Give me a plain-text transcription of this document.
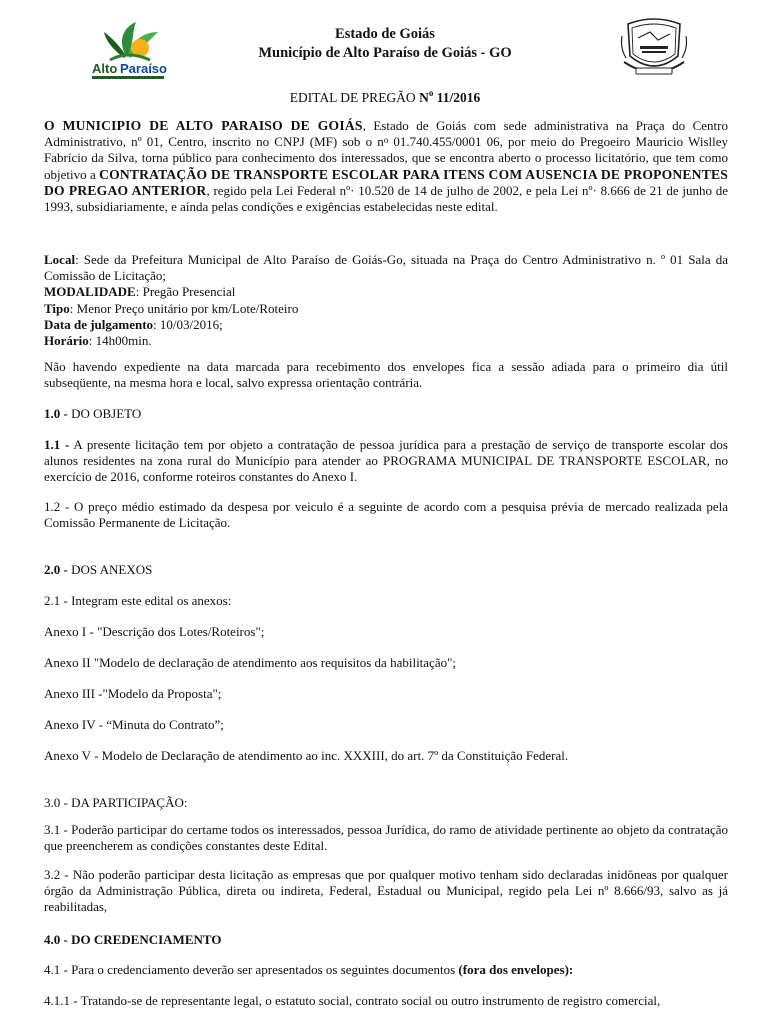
Alto Paraíso
Estado de Goiás
Município de Alto Paraíso de Goiás - GO
EDITAL DE PREGÃO $N^o$ 11/2016

O MUNICIPIO DE ALTO PARAISO DE GOIÁS, Estado de Goiás com sede administrativa na Praça do Centro Administrativo, nº 01, Centro, inscrito no CNPJ (MF) sob o $n^o$ 01.740.455/0001 06, por meio do Pregoeiro Mauricio Wislley Fabrício da Silva, torna público para conhecimento dos interessados, que se encontra aberto o processo licitatório, que tem como objetivo a CONTRATAÇÃO DE TRANSPORTE ESCOLAR PARA ITENS COM AUSENCIA DE PROPONENTES DO PREGAO ANTERIOR, regido pela Lei Federal nº· 10.520 de 14 de julho de 2002, e pela Lei nº· 8.666 de 21 de junho de 1993, subsidiariamente, e ainda pelas condições e exigências estabelecidas neste edital.

Local: Sede da Prefeitura Municipal de Alto Paraíso de Goiás-Go, situada na Praça do Centro Administrativo n. º 01 Sala da Comissão de Licitação;

MODALIDADE: Pregão Presencial

Tipo: Menor Preço unitário por km/Lote/Roteiro

Data de julgamento: 10/03/2016;

Horário: 14h00min.

Não havendo expediente na data marcada para recebimento dos envelopes fica a sessão adiada para o primeiro dia útil subseqüente, na mesma hora e local, salvo expressa orientação contrária.

1.0 - DO OBJETO

1.1 - A presente licitação tem por objeto a contratação de pessoa jurídica para a prestação de serviço de transporte escolar dos alunos residentes na zona rural do Município para atender ao PROGRAMA MUNICIPAL DE TRANSPORTE ESCOLAR, no exercício de 2016, conforme roteiros constantes do Anexo I.

1.2 - O preço médio estimado da despesa por veiculo é a seguinte de acordo com a pesquisa prévia de mercado realizada pela Comissão Permanente de Licitação.

2.0 - DOS ANEXOS
2.1 - Integram este edital os anexos:
Anexo I - "Descrição dos Lotes/Roteiros";
Anexo II "Modelo de declaração de atendimento aos requisitos da habilitação";
Anexo III -"Modelo da Proposta";
Anexo IV - “Minuta do Contrato”;
Anexo V - Modelo de Declaração de atendimento ao inc. XXXIII, do art. 7º da Constituição Federal.
3.0 - DA PARTICIPAÇÃO:

3.1 - Poderão participar do certame todos os interessados, pessoa Jurídica, do ramo de atividade pertinente ao objeto da contratação que preencherem as condições constantes deste Edital.

3.2 - Não poderão participar desta licitação as empresas que por qualquer motivo tenham sido declaradas inidôneas por qualquer órgão da Administração Pública, direta ou indireta, Federal, Estadual ou Municipal, regido pela Lei nº 8.666/93, salvo as já reabilitadas,

4.0 - DO CREDENCIAMENTO
4.1 - Para o credenciamento deverão ser apresentados os seguintes documentos (fora dos envelopes):
4.1.1 - Tratando-se de representante legal, o estatuto social, contrato social ou outro instrumento de registro comercial,
